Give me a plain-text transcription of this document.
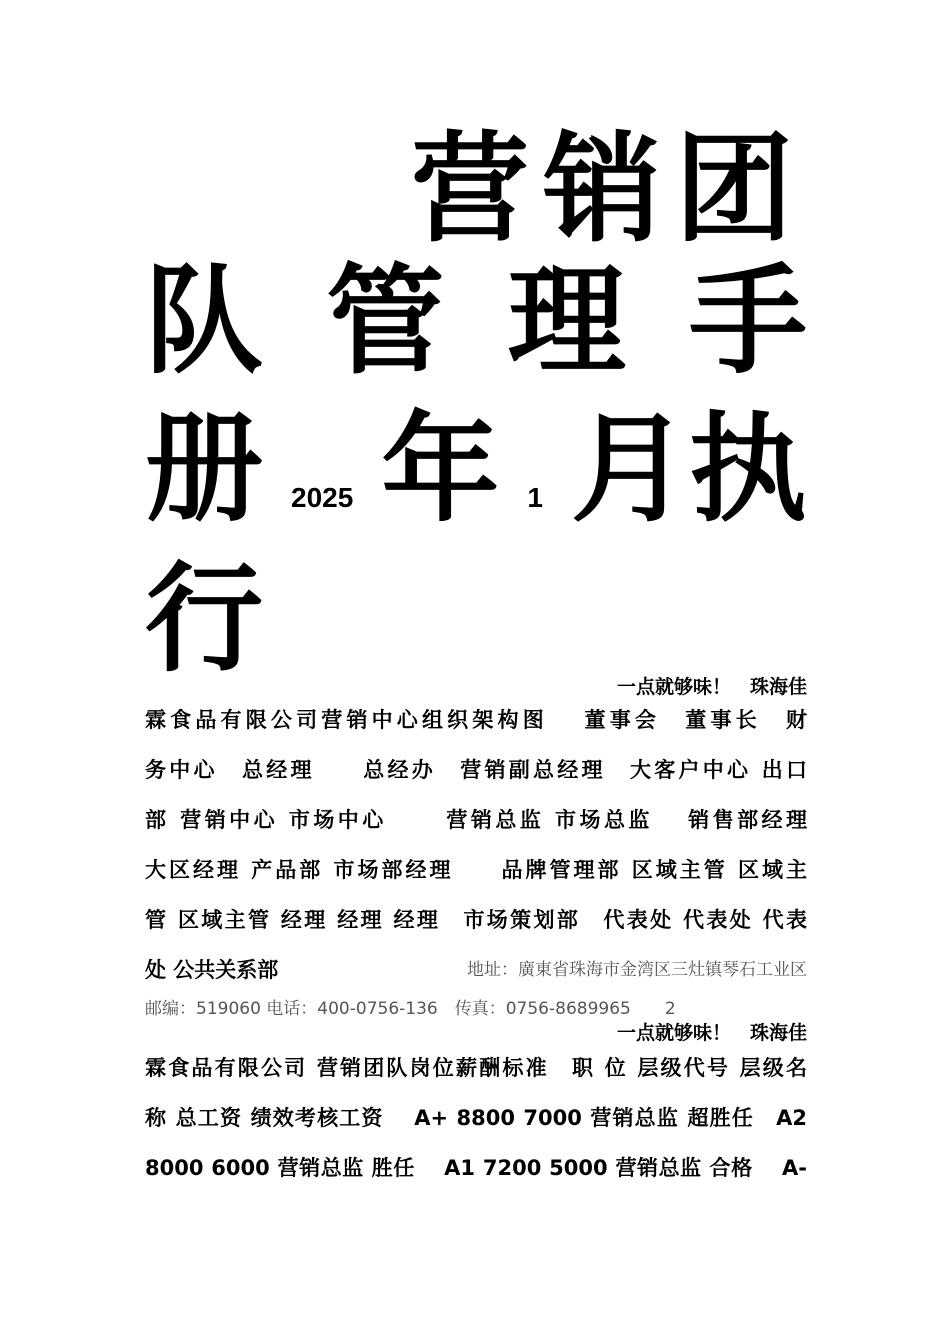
营销团
队 管 理 手
册 2025 年 1 月执
行	一点就够味！　珠海佳
霖食品有限公司营销中心组织架构图　 董事会　董事长　财
务中心　总经理　　总经办　营销副总经理　大客户中心 出口
部 营销中心 市场中心　　 营销总监 市场总监　 销售部经理
大区经理 产品部 市场部经理　　品牌管理部 区域主管 区域主
管 区域主管 经理 经理 经理　市场策划部　代表处 代表处 代表
处 公共关系部	地址：廣東省珠海市金湾区三灶镇琴石工业区
邮编：519060 电话：400-0756-136　传真：0756-8689965　　2
一点就够味！　珠海佳
霖食品有限公司 营销团队岗位薪酬标准　职 位 层级代号 层级名
称 总工资 绩效考核工资　 A+ 8800 7000 营销总监 超胜任　A2
8000 6000 营销总监 胜任　 A1 7200 5000 营销总监 合格　 A-
